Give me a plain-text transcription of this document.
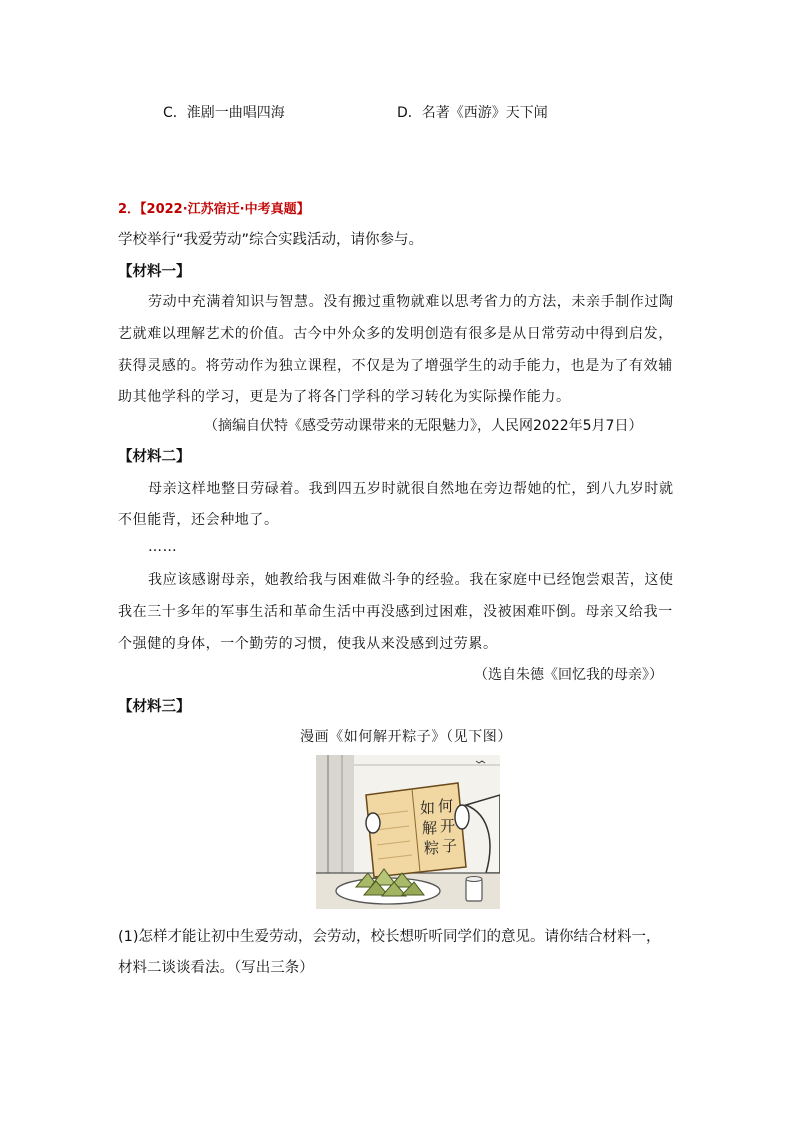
C．淮剧一曲唱四海	D．名著《西游》天下闻
2．【2022·江苏宿迁·中考真题】
学校举行“我爱劳动”综合实践活动，请你参与。
【材料一】
劳动中充满着知识与智慧。没有搬过重物就难以思考省力的方法，未亲手制作过陶
艺就难以理解艺术的价值。古今中外众多的发明创造有很多是从日常劳动中得到启发，
获得灵感的。将劳动作为独立课程，不仅是为了增强学生的动手能力，也是为了有效辅
助其他学科的学习，更是为了将各门学科的学习转化为实际操作能力。
（摘编自伏特《感受劳动课带来的无限魅力》，人民网2022年5月7日）
【材料二】
母亲这样地整日劳碌着。我到四五岁时就很自然地在旁边帮她的忙，到八九岁时就
不但能背，还会种地了。
……
我应该感谢母亲，她教给我与困难做斗争的经验。我在家庭中已经饱尝艰苦，这使
我在三十多年的军事生活和革命生活中再没感到过困难，没被困难吓倒。母亲又给我一
个强健的身体，一个勤劳的习惯，使我从来没感到过劳累。
（选自朱德《回忆我的母亲》）
【材料三】
漫画《如何解开粽子》（见下图）
如 何
解 开
粽 子
(1)怎样才能让初中生爱劳动，会劳动，校长想听听同学们的意见。请你结合材料一，
材料二谈谈看法。（写出三条）
